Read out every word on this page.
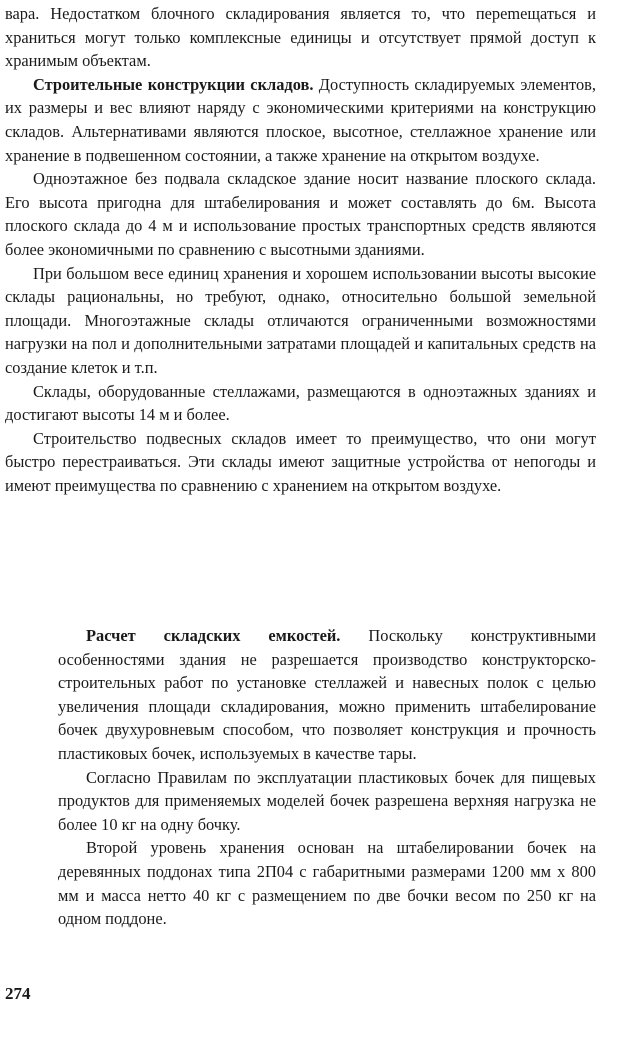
вара. Недостатком блочного складирования является то, что переmещаться и храниться могут только комплексные единицы и отсутствует прямой доступ к хранимым объектам.

Строительные конструкции складов. Доступность складируемых элементов, их размеры и вес влияют наряду с экономическими критериями на конструкцию складов. Альтернативами являются плоское, высотное, стеллажное хранение или хранение в подвешенном состоянии, а также хранение на открытом воздухе.

Одноэтажное без подвала складское здание носит название плоского склада. Его высота пригодна для штабелирования и может составлять до 6м. Высота плоского склада до 4 м и использование простых транспортных средств являются более экономичными по сравнению с высотными зданиями.

При большом весе единиц хранения и хорошем использовании высоты высокие склады рациональны, но требуют, однако, относительно большой земельной площади. Многоэтажные склады отличаются ограниченными возможностями нагрузки на пол и дополнительными затратами площадей и капитальных средств на создание клеток и т.п.

Склады, оборудованные стеллажами, размещаются в одноэтажных зданиях и достигают высоты 14 м и более.

Строительство подвесных складов имеет то преимущество, что они могут быстро перестраиваться. Эти склады имеют защитные устройства от непогоды и имеют преимущества по сравнению с хранением на открытом воздухе.

Расчет складских емкостей. Поскольку конструктивными особенностями здания не разрешается производство конструкторско-строительных работ по установке стеллажей и навесных полок с целью увеличения площади складирования, можно применить штабелирование бочек двухуровневым способом, что позволяет конструкция и прочность пластиковых бочек, используемых в качестве тары.

Согласно Правилам по эксплуатации пластиковых бочек для пищевых продуктов для применяемых моделей бочек разрешена верхняя нагрузка не более 10 кг на одну бочку.

Второй уровень хранения основан на штабелировании бочек на деревянных поддонах типа 2П04 с габаритными размерами 1200 мм х 800 мм и масса нетто 40 кг с размещением по две бочки весом по 250 кг на одном поддоне.

274
